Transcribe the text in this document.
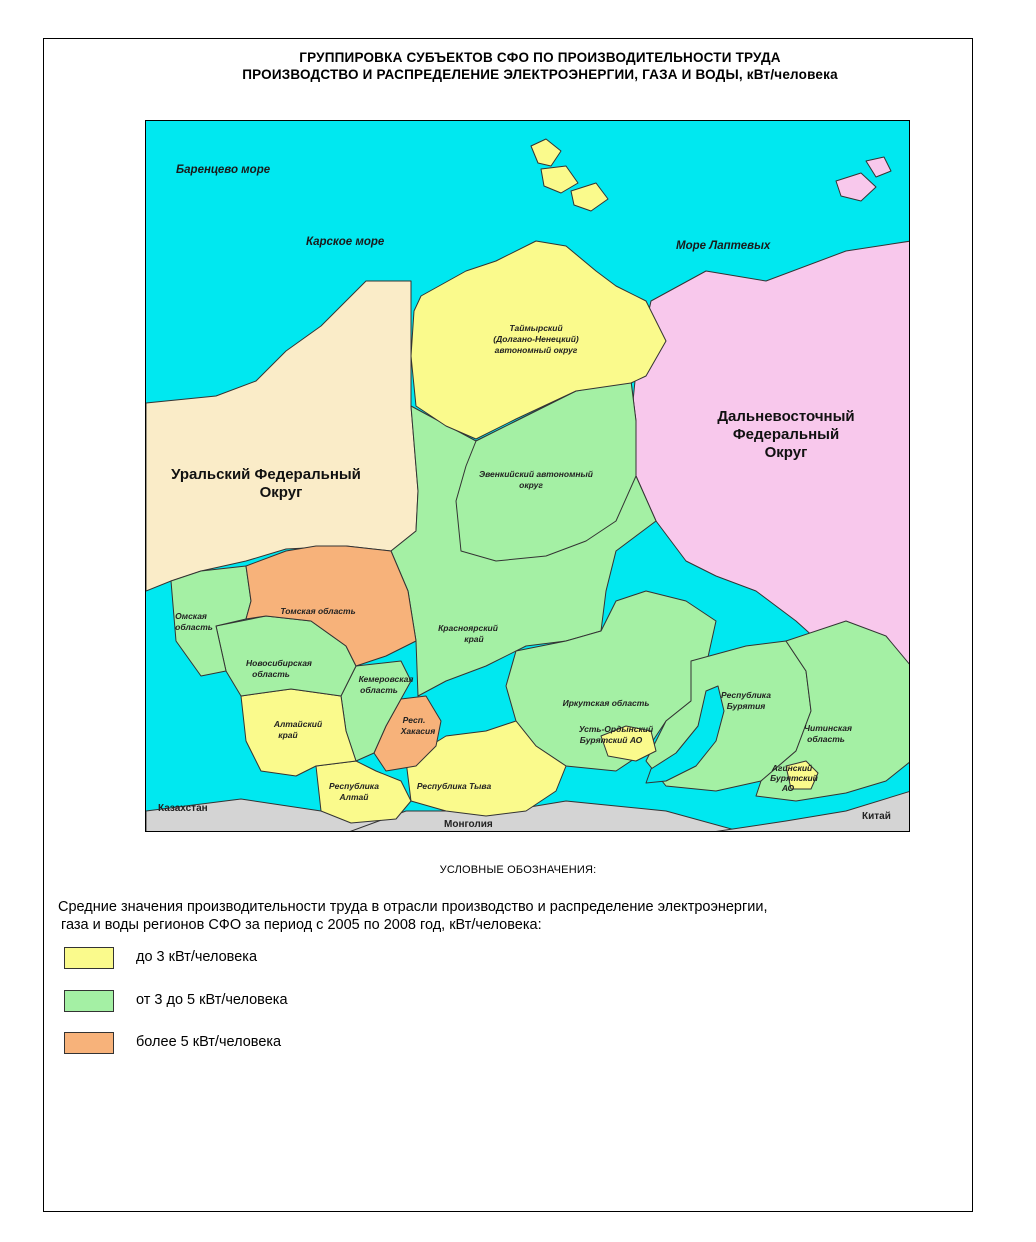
ГРУППИРОВКА СУБЪЕКТОВ СФО ПО ПРОИЗВОДИТЕЛЬНОСТИ ТРУДА
ПРОИЗВОДСТВО И РАСПРЕДЕЛЕНИЕ ЭЛЕКТРОЭНЕРГИИ, ГАЗА И ВОДЫ, кВт/человека
Баренцево море
Карское море	Море Лаптевых
Уральский Федеральный
Округ
Дальневосточный
Федеральный
Округ
Казахстан
Монголия
Китай
Таймырский
(Долгано-Ненецкий)
автономный округ
Эвенкийский автономный
округ
Красноярский
край
Томская область
Омская
область
Новосибирская
область	Кемеровская
область
Алтайский
край
Респ.
Хакасия
Республика
Алтай
Республика Тыва
Иркутская область
Усть-Ордынский
Бурятский АО
Республика
Бурятия
Читинская
область
Агинский
Бурятский
АО
УСЛОВНЫЕ ОБОЗНАЧЕНИЯ:
Средние значения производительности труда в отрасли производство и распределение электроэнергии,
газа и воды регионов СФО за период с 2005 по 2008 год, кВт/человека:
до 3 кВт/человека
от 3 до 5 кВт/человека
более 5 кВт/человека
